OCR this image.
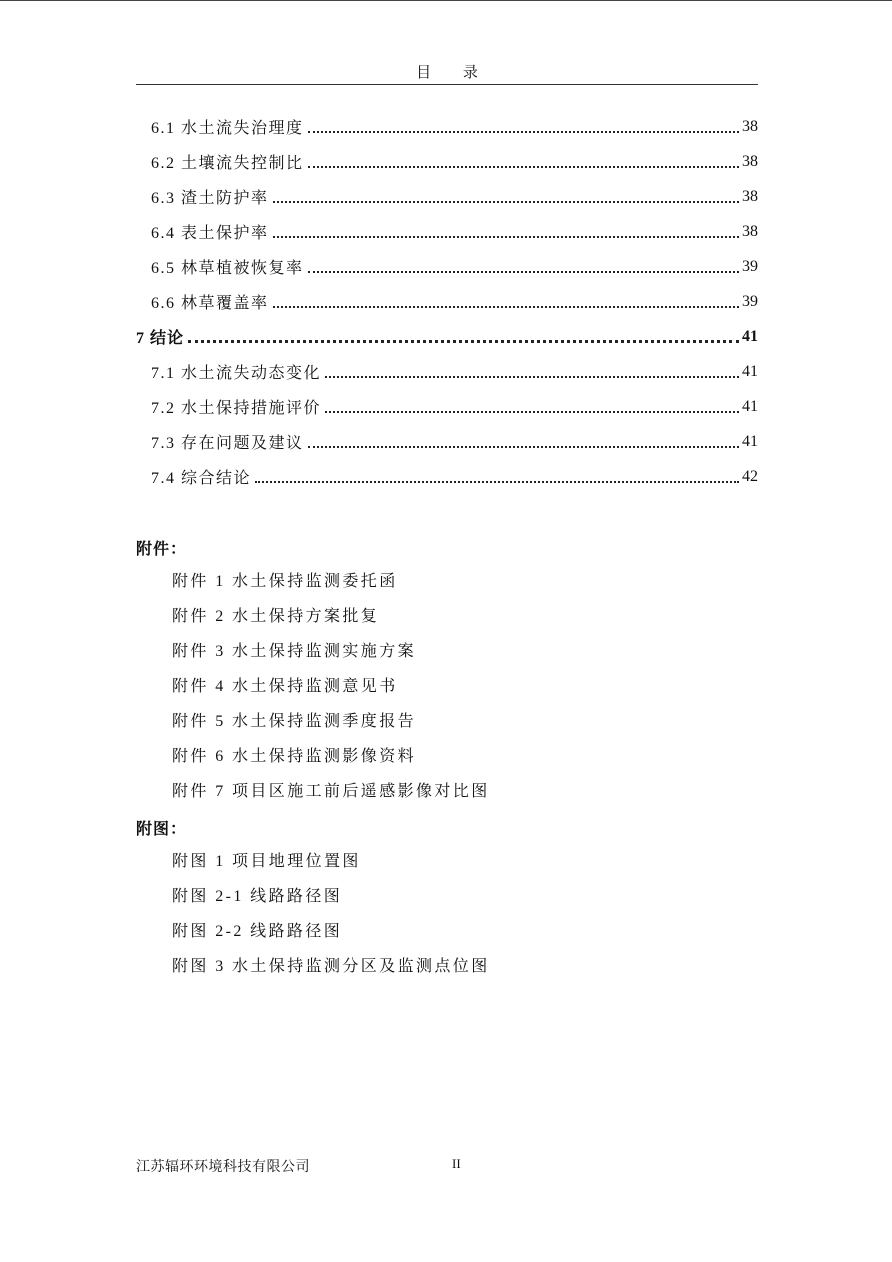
目 录
6.1 水土流失治理度	38
6.2 土壤流失控制比	38
6.3 渣土防护率	38
6.4 表土保护率	38
6.5 林草植被恢复率	39
6.6 林草覆盖率	39
7 结论	41
7.1 水土流失动态变化	41
7.2 水土保持措施评价	41
7.3 存在问题及建议	41
7.4 综合结论	42
附件：
附件 1 水土保持监测委托函
附件 2 水土保持方案批复
附件 3 水土保持监测实施方案
附件 4 水土保持监测意见书
附件 5 水土保持监测季度报告
附件 6 水土保持监测影像资料
附件 7 项目区施工前后遥感影像对比图
附图：
附图 1 项目地理位置图
附图 2-1 线路路径图
附图 2-2 线路路径图
附图 3 水土保持监测分区及监测点位图
江苏辐环环境科技有限公司	II
